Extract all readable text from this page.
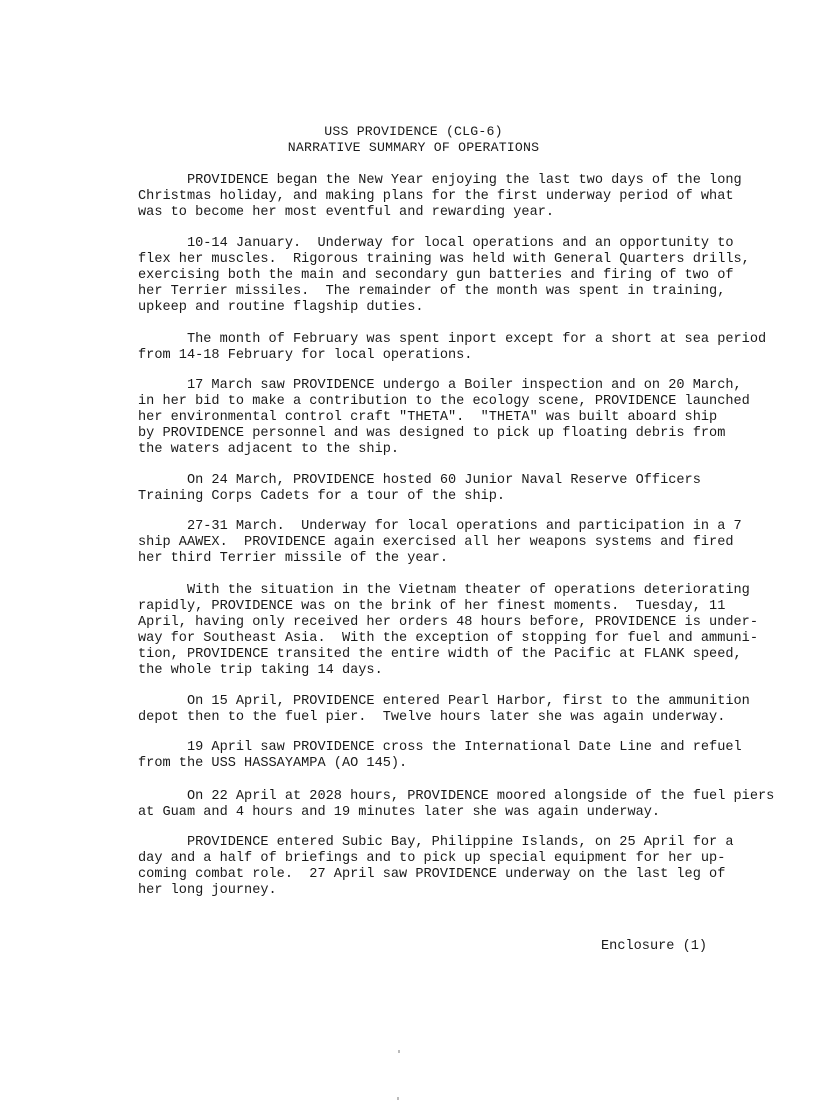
USS PROVIDENCE (CLG-6)
NARRATIVE SUMMARY OF OPERATIONS
PROVIDENCE began the New Year enjoying the last two days of the long
Christmas holiday, and making plans for the first underway period of what
was to become her most eventful and rewarding year.
10-14 January.  Underway for local operations and an opportunity to
flex her muscles.  Rigorous training was held with General Quarters drills,
exercising both the main and secondary gun batteries and firing of two of
her Terrier missiles.  The remainder of the month was spent in training,
upkeep and routine flagship duties.
The month of February was spent inport except for a short at sea period
from 14-18 February for local operations.
17 March saw PROVIDENCE undergo a Boiler inspection and on 20 March,
in her bid to make a contribution to the ecology scene, PROVIDENCE launched
her environmental control craft "THETA".  "THETA" was built aboard ship
by PROVIDENCE personnel and was designed to pick up floating debris from
the waters adjacent to the ship.
On 24 March, PROVIDENCE hosted 60 Junior Naval Reserve Officers
Training Corps Cadets for a tour of the ship.
27-31 March.  Underway for local operations and participation in a 7
ship AAWEX.  PROVIDENCE again exercised all her weapons systems and fired
her third Terrier missile of the year.
With the situation in the Vietnam theater of operations deteriorating
rapidly, PROVIDENCE was on the brink of her finest moments.  Tuesday, 11
April, having only received her orders 48 hours before, PROVIDENCE is under-
way for Southeast Asia.  With the exception of stopping for fuel and ammuni-
tion, PROVIDENCE transited the entire width of the Pacific at FLANK speed,
the whole trip taking 14 days.
On 15 April, PROVIDENCE entered Pearl Harbor, first to the ammunition
depot then to the fuel pier.  Twelve hours later she was again underway.
19 April saw PROVIDENCE cross the International Date Line and refuel
from the USS HASSAYAMPA (AO 145).
On 22 April at 2028 hours, PROVIDENCE moored alongside of the fuel piers
at Guam and 4 hours and 19 minutes later she was again underway.
PROVIDENCE entered Subic Bay, Philippine Islands, on 25 April for a
day and a half of briefings and to pick up special equipment for her up-
coming combat role.  27 April saw PROVIDENCE underway on the last leg of
her long journey.
Enclosure (1)
